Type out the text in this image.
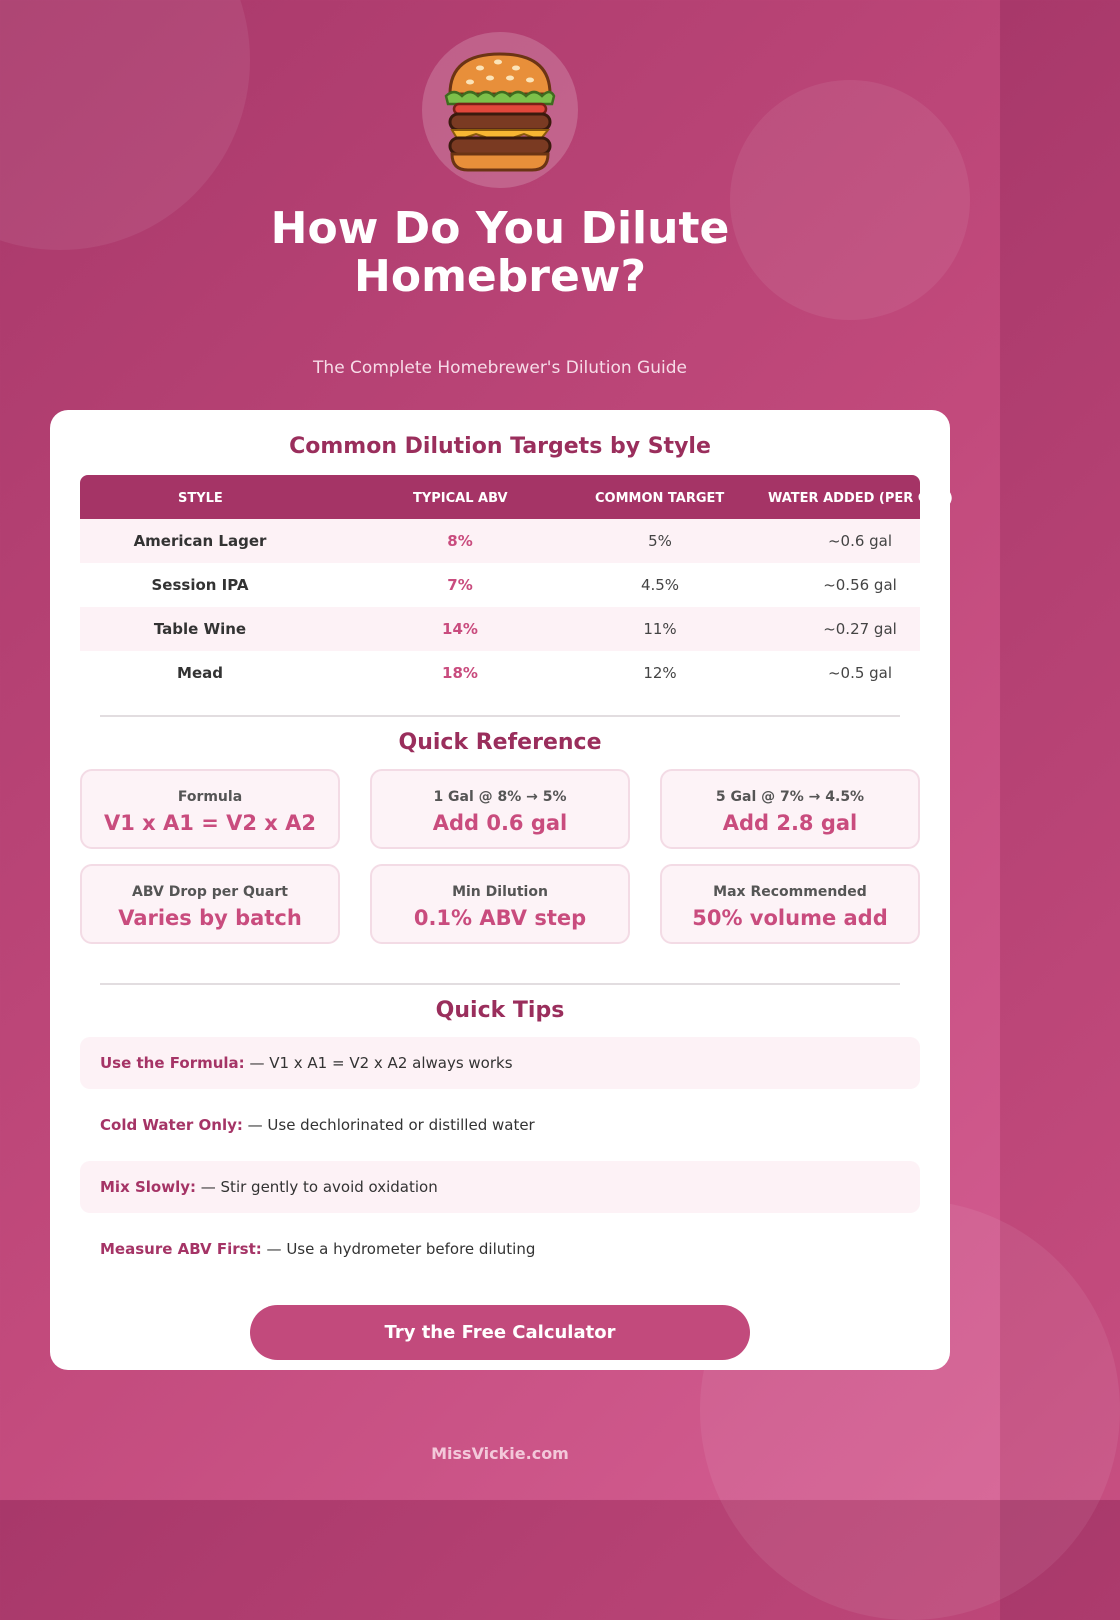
How Do You Dilute Homebrew?
The Complete Homebrewer's Dilution Guide
Common Dilution Targets by Style
STYLE	TYPICAL ABV	COMMON TARGET	WATER ADDED (PER GAL)
American Lager	8%	5%	~0.6 gal
Session IPA	7%	4.5%	~0.56 gal
Table Wine	14%	11%	~0.27 gal
Mead	18%	12%	~0.5 gal
Quick Reference
Formula
V1 x A1 = V2 x A2
1 Gal @ 8% → 5%
Add 0.6 gal
5 Gal @ 7% → 4.5%
Add 2.8 gal
ABV Drop per Quart
Varies by batch
Min Dilution
0.1% ABV step
Max Recommended
50% volume add
Quick Tips
Use the Formula: — V1 x A1 = V2 x A2 always works
Cold Water Only: — Use dechlorinated or distilled water
Mix Slowly: — Stir gently to avoid oxidation
Measure ABV First: — Use a hydrometer before diluting
Try the Free Calculator
MissVickie.com
